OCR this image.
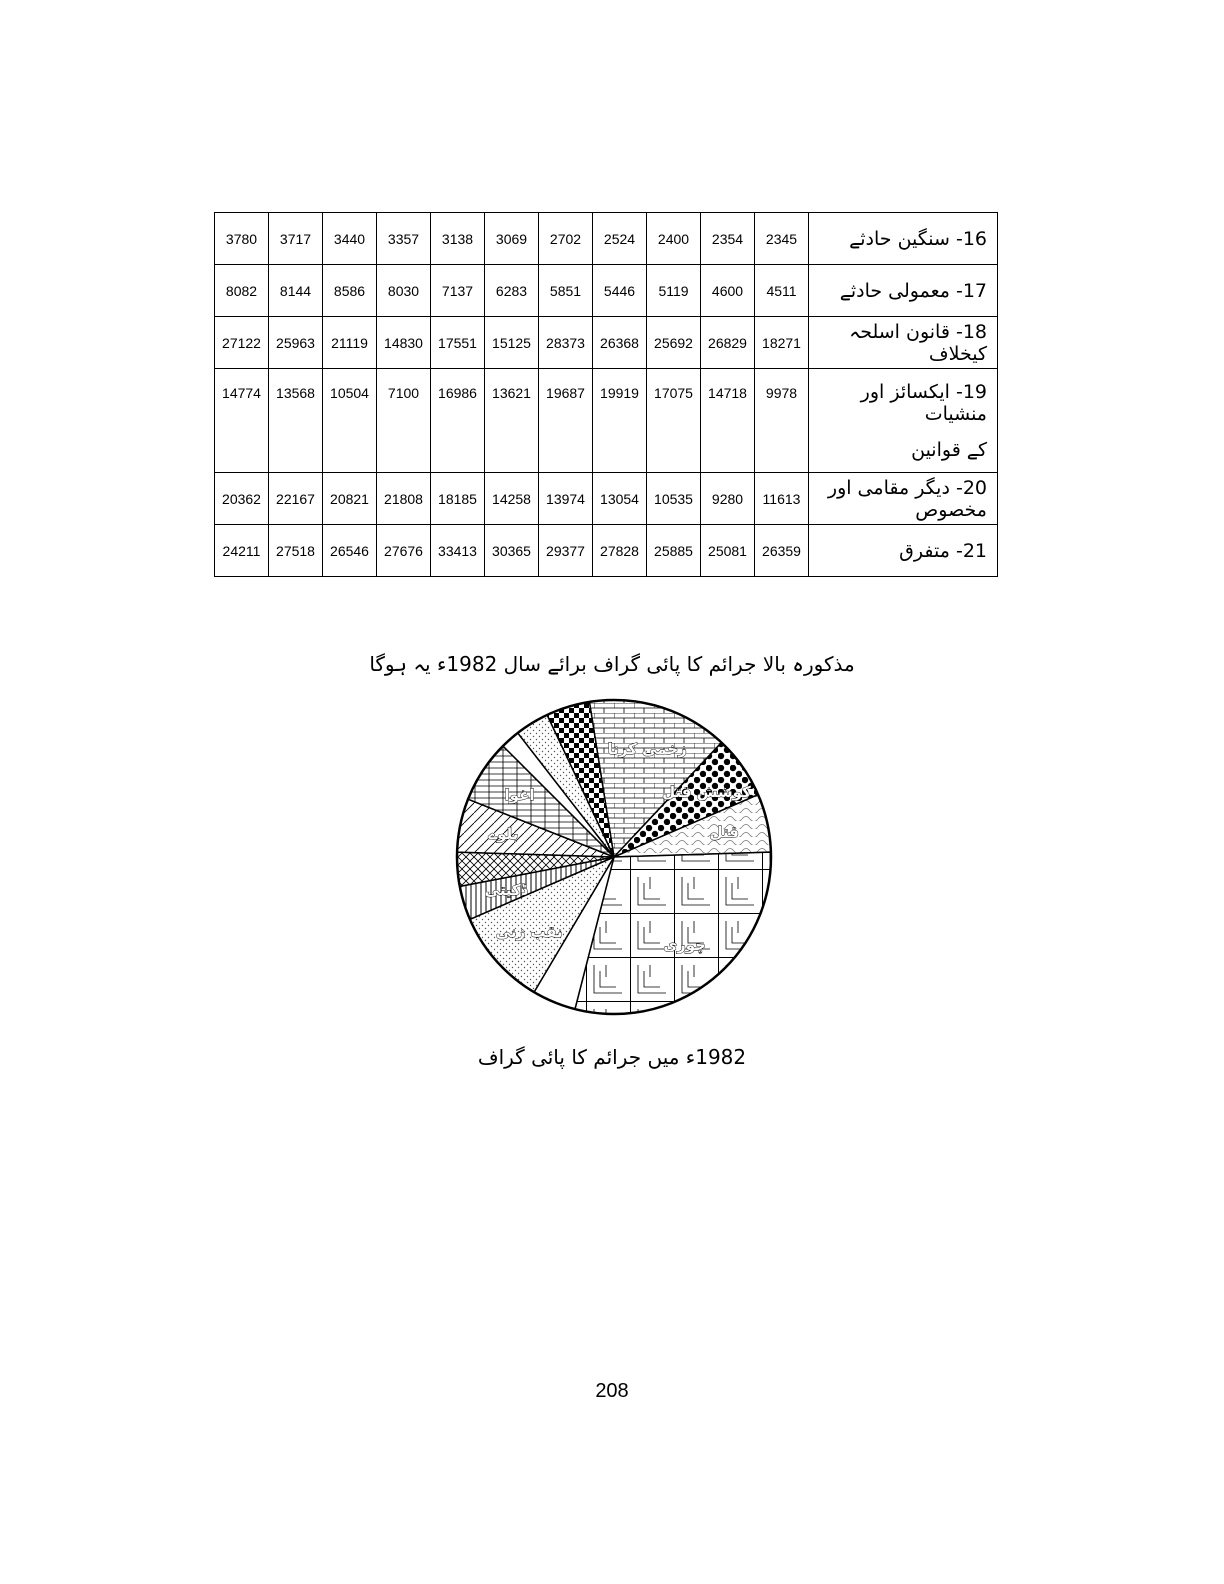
3780	3717	3440	3357	3138	3069	2702	2524	2400	2354	2345	16- سنگین حادثے
8082	8144	8586	8030	7137	6283	5851	5446	5119	4600	4511	17- معمولی حادثے
27122	25963	21119	14830	17551	15125	28373	26368	25692	26829	18271	18- قانون اسلحہ کیخلاف
14774	13568	10504	7100	16986	13621	19687	19919	17075	14718	9978	19- ایکسائز اور منشیات
کے قوانین

20362	22167	20821	21808	18185	14258	13974	13054	10535	9280	11613	20- دیگر مقامی اور مخصوص
24211	27518	26546	27676	33413	30365	29377	27828	25885	25081	26359	21- متفرق
مذکورہ بالا جرائم کا پائی گراف برائے سال 1982ء یہ ہوگا
زخمی کرنا
کوشش قتل
قتل
چوری
نقب زنی
ڈکیتی
بلوے
اغوا
1982ء میں جرائم کا پائی گراف
208
